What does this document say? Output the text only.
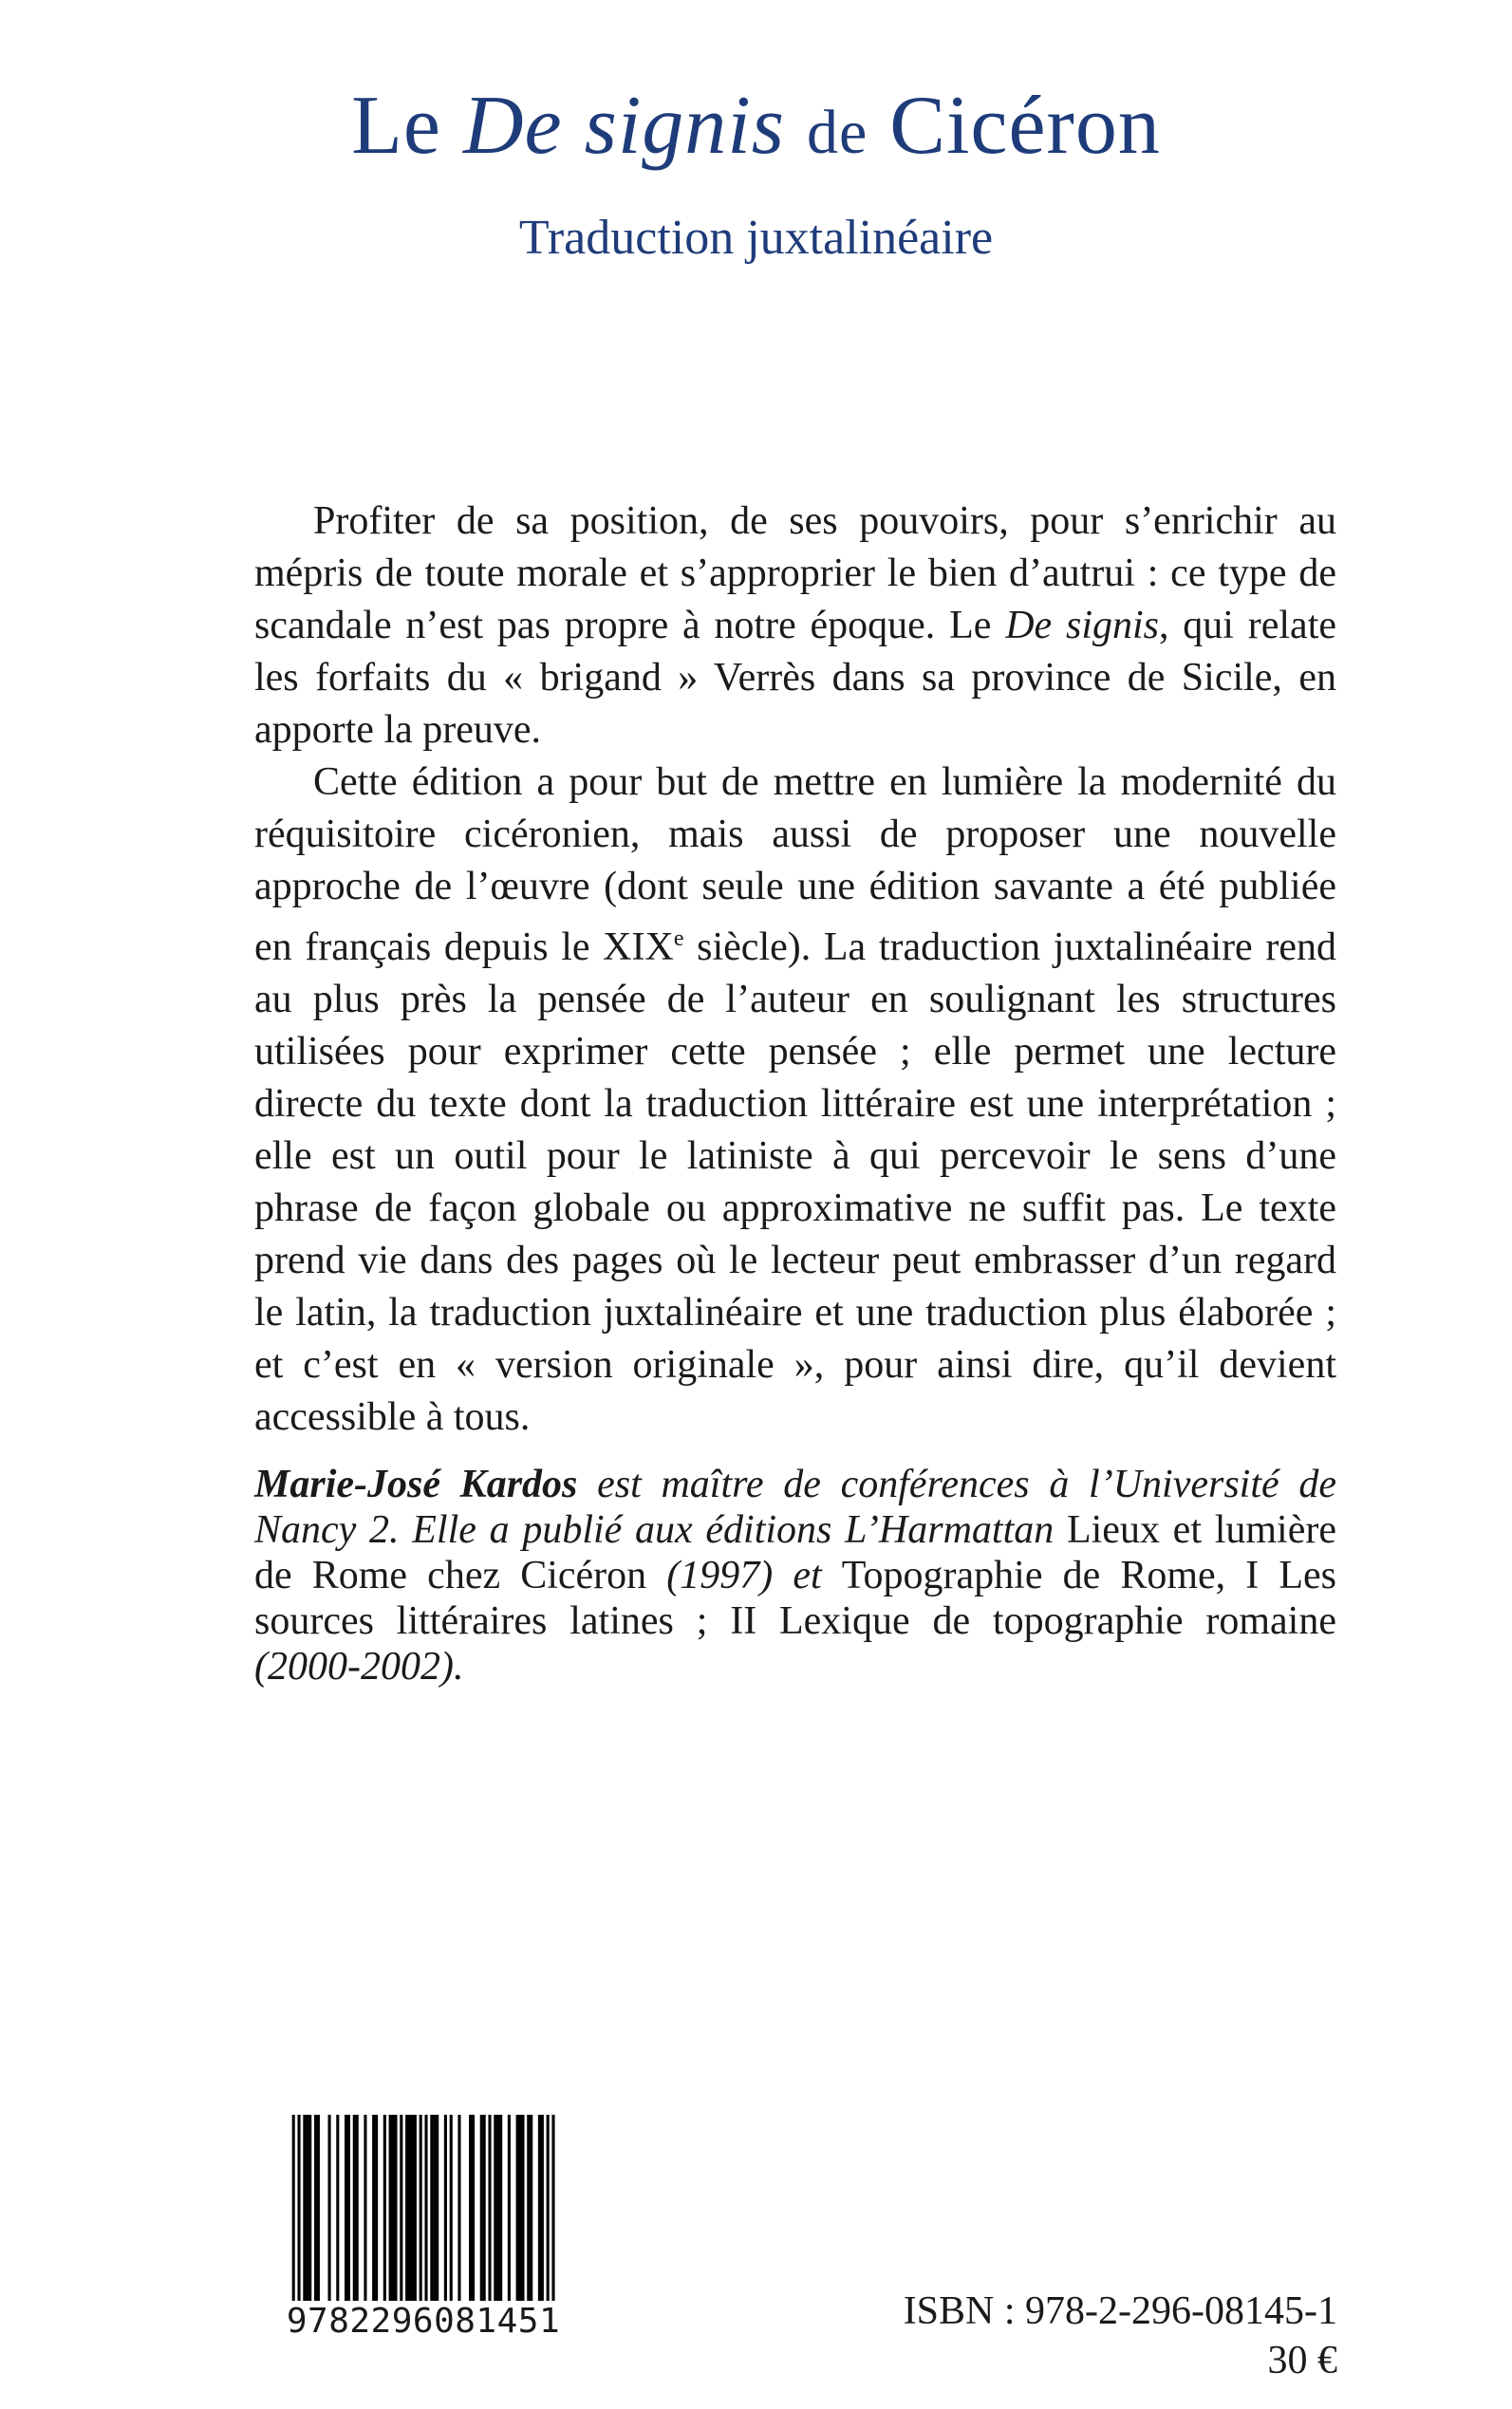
Le De signis de Cicéron
Traduction juxtalinéaire

Profiter de sa position, de ses pouvoirs, pour s’enrichir au mépris de toute morale et s’approprier le bien d’autrui : ce type de scandale n’est pas propre à notre époque. Le De signis, qui relate les forfaits du « brigand » Verrès dans sa province de Sicile, en apporte la preuve.

Cette édition a pour but de mettre en lumière la modernité du réquisitoire cicéronien, mais aussi de proposer une nouvelle approche de l’œuvre (dont seule une édition savante a été publiée en français depuis le XIXe siècle). La traduction juxtalinéaire rend au plus près la pensée de l’auteur en soulignant les structures utilisées pour exprimer cette pensée ; elle permet une lecture directe du texte dont la traduction littéraire est une interprétation ; elle est un outil pour le latiniste à qui percevoir le sens d’une phrase de façon globale ou approximative ne suffit pas. Le texte prend vie dans des pages où le lecteur peut embrasser d’un regard le latin, la traduction juxtalinéaire et une traduction plus élaborée ; et c’est en « version originale », pour ainsi dire, qu’il devient accessible à tous.

Marie-José Kardos est maître de conférences à l’Université de Nancy 2. Elle a publié aux éditions L’Harmattan Lieux et lumière de Rome chez Cicéron (1997) et Topographie de Rome, I Les sources littéraires latines ; II Lexique de topographie romaine (2000-2002).

9782296081451	ISBN : 978-2-296-08145-1
30 €
